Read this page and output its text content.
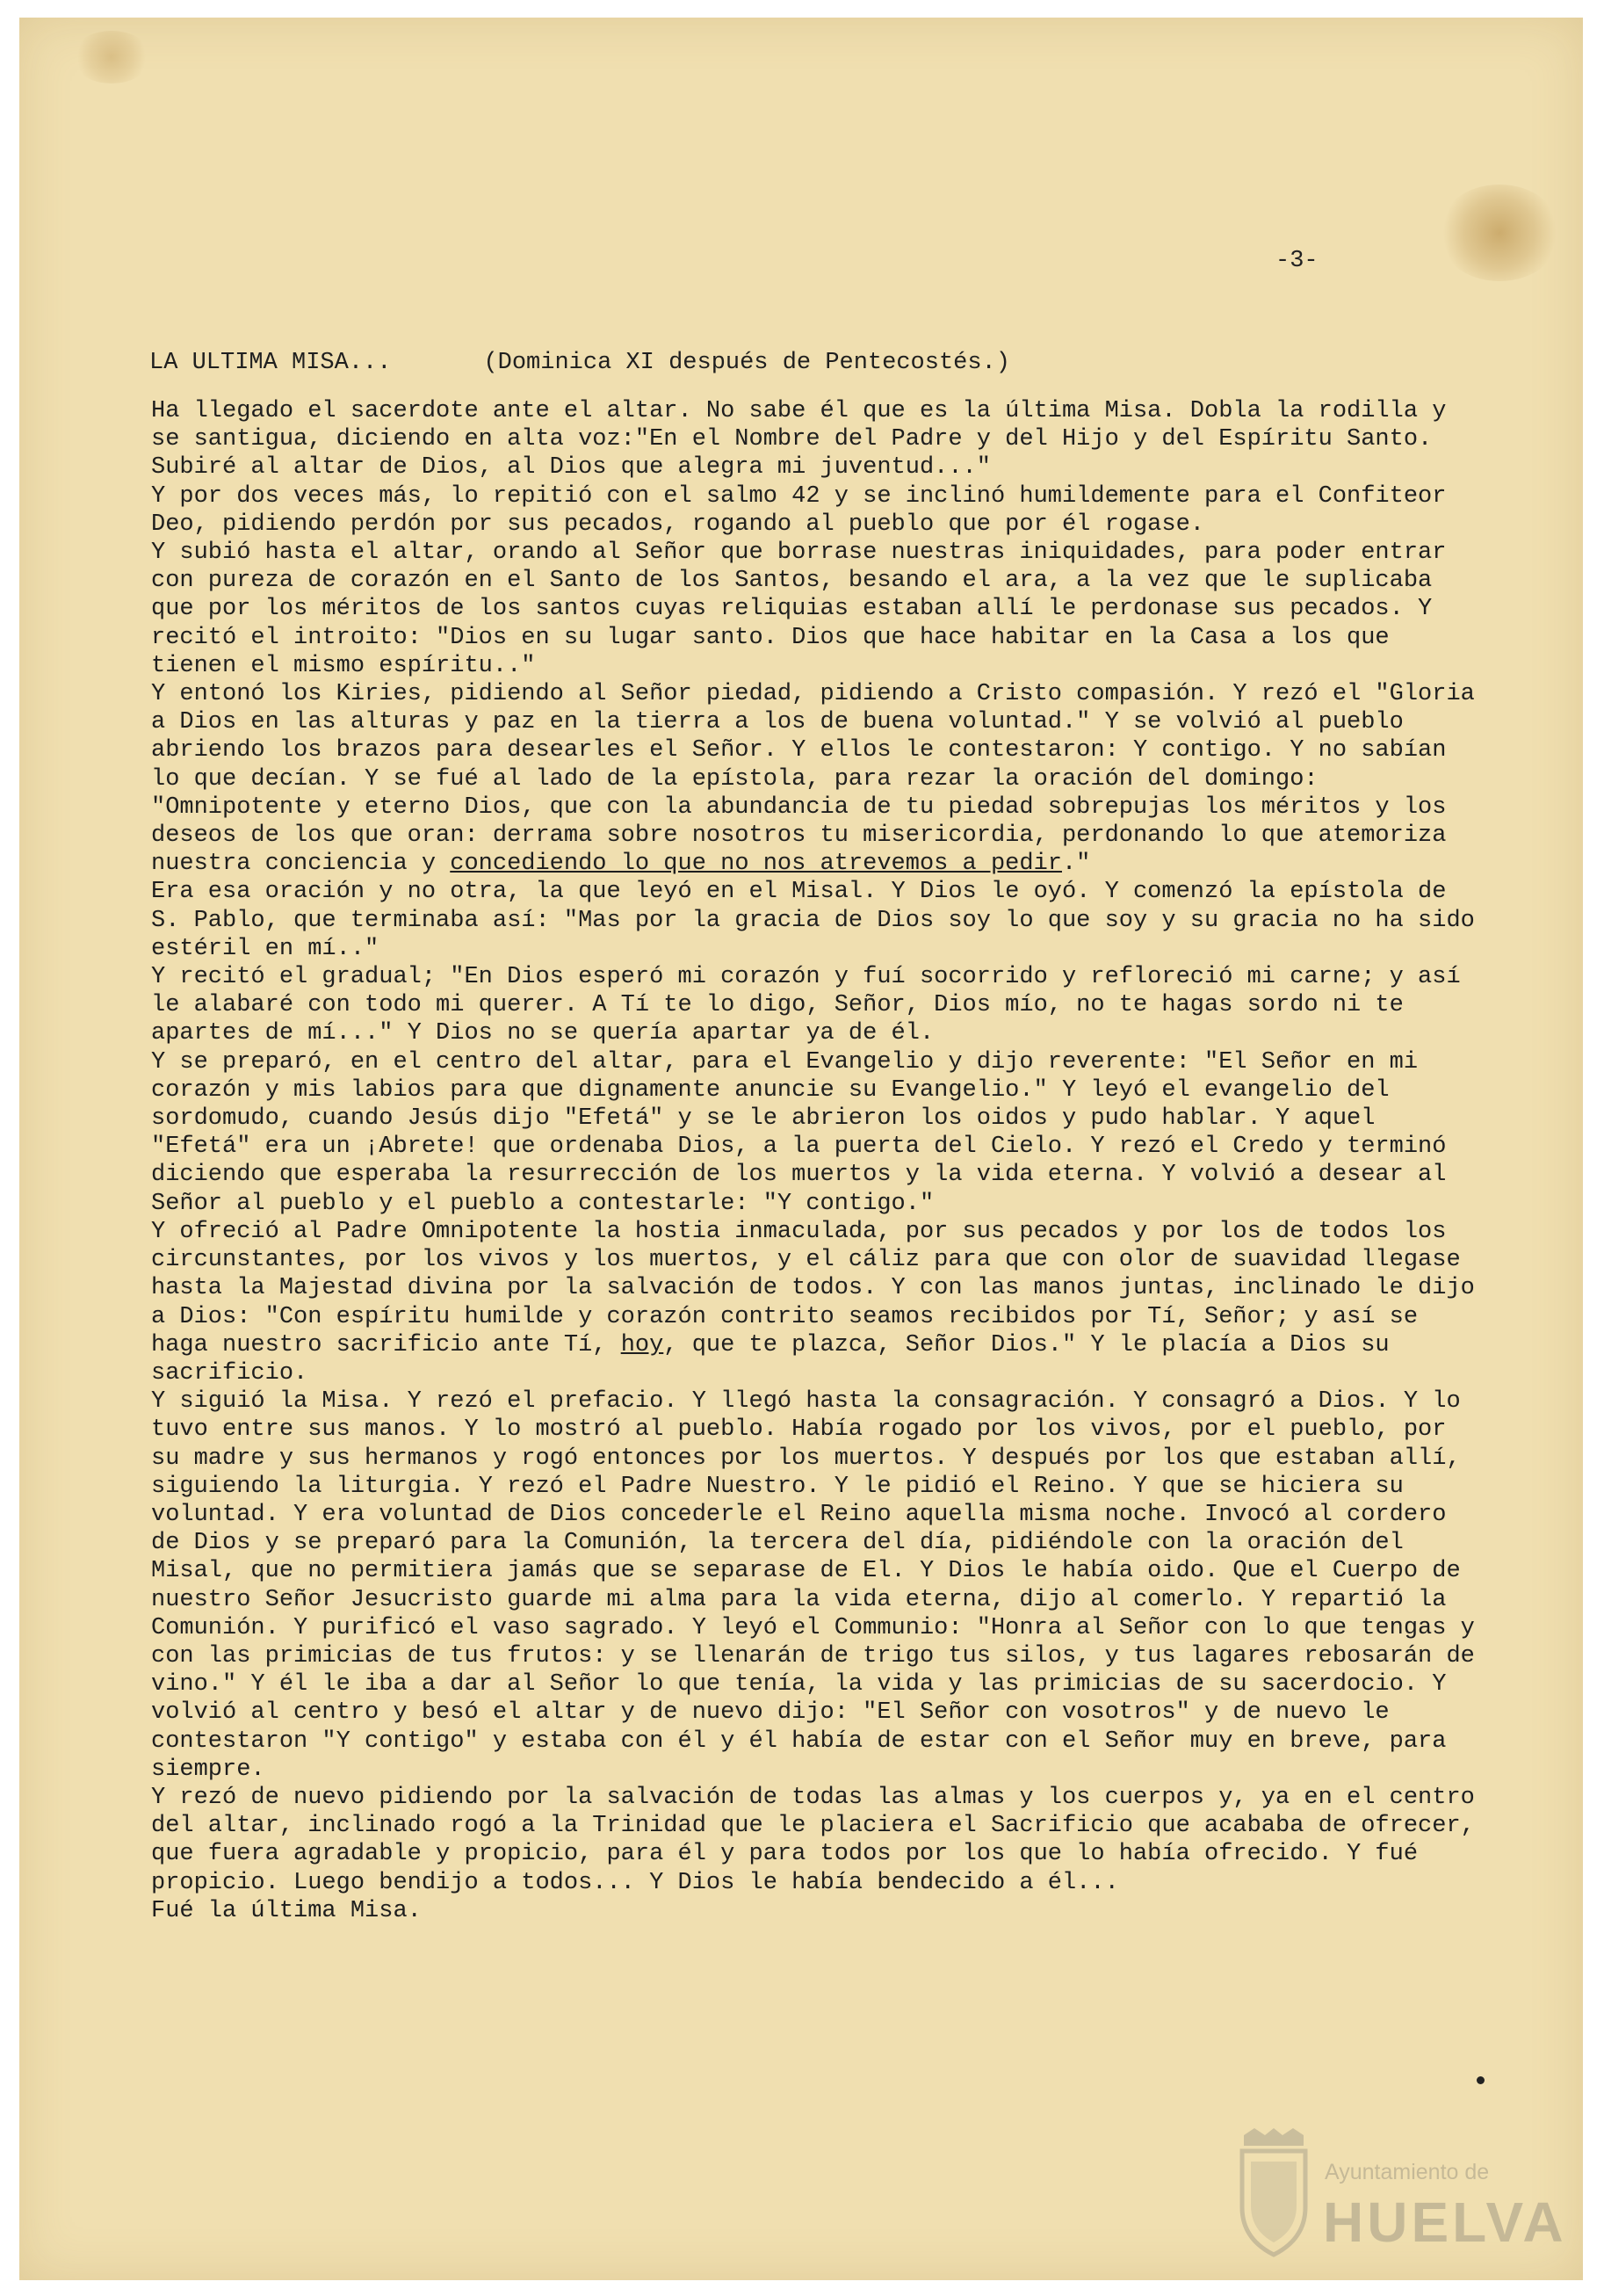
-3-
LA ULTIMA MISA...	(Dominica XI después de Pentecostés.)

Ha llegado el sacerdote ante el altar. No sabe él que es la última Misa. Dobla la rodilla y se santigua, diciendo en alta voz:"En el Nombre del Padre y del Hijo y del Espíritu Santo. Subiré al altar de Dios, al Dios que alegra mi juventud..."

Y por dos veces más, lo repitió con el salmo 42 y se inclinó humildemente para el Confiteor Deo, pidiendo perdón por sus pecados, rogando al pueblo que por él rogase.

Y subió hasta el altar, orando al Señor que borrase nuestras iniquidades, para poder entrar con pureza de corazón en el Santo de los Santos, besando el ara, a la vez que le suplicaba que por los méritos de los santos cuyas reliquias estaban allí le perdonase sus pecados. Y recitó el introito: "Dios en su lugar santo. Dios que hace habitar en la Casa a los que tienen el mismo espíritu.."

Y entonó los Kiries, pidiendo al Señor piedad, pidiendo a Cristo compasión. Y rezó el "Gloria a Dios en las alturas y paz en la tierra a los de buena voluntad." Y se volvió al pueblo abriendo los brazos para desearles el Señor. Y ellos le contestaron: Y contigo. Y no sabían lo que decían. Y se fué al lado de la epístola, para rezar la oración del domingo: "Omnipotente y eterno Dios, que con la abundancia de tu piedad sobrepujas los méritos y los deseos de los que oran: derrama sobre nosotros tu misericordia, perdonando lo que atemoriza nuestra conciencia y concediendo lo que no nos atrevemos a pedir."

Era esa oración y no otra, la que leyó en el Misal. Y Dios le oyó. Y comenzó la epístola de S. Pablo, que terminaba así: "Mas por la gracia de Dios soy lo que soy y su gracia no ha sido estéril en mí.."

Y recitó el gradual; "En Dios esperó mi corazón y fuí socorrido y refloreció mi carne; y así le alabaré con todo mi querer. A Tí te lo digo, Señor, Dios mío, no te hagas sordo ni te apartes de mí..." Y Dios no se quería apartar ya de él.

Y se preparó, en el centro del altar, para el Evangelio y dijo reverente: "El Señor en mi corazón y mis labios para que dignamente anuncie su Evangelio." Y leyó el evangelio del sordomudo, cuando Jesús dijo "Efetá" y se le abrieron los oidos y pudo hablar. Y aquel "Efetá" era un ¡Abrete! que ordenaba Dios, a la puerta del Cielo. Y rezó el Credo y terminó diciendo que esperaba la resurrección de los muertos y la vida eterna. Y volvió a desear al Señor al pueblo y el pueblo a contestarle: "Y contigo."

Y ofreció al Padre Omnipotente la hostia inmaculada, por sus pecados y por los de todos los circunstantes, por los vivos y los muertos, y el cáliz para que con olor de suavidad llegase hasta la Majestad divina por la salvación de todos. Y con las manos juntas, inclinado le dijo a Dios: "Con espíritu humilde y corazón contrito seamos recibidos por Tí, Señor; y así se haga nuestro sacrificio ante Tí, hoy, que te plazca, Señor Dios." Y le placía a Dios su sacrificio.

Y siguió la Misa. Y rezó el prefacio. Y llegó hasta la consagración. Y consagró a Dios. Y lo tuvo entre sus manos. Y lo mostró al pueblo. Había rogado por los vivos, por el pueblo, por su madre y sus hermanos y rogó entonces por los muertos. Y después por los que estaban allí, siguiendo la liturgia. Y rezó el Padre Nuestro. Y le pidió el Reino. Y que se hiciera su voluntad. Y era voluntad de Dios concederle el Reino aquella misma noche. Invocó al cordero de Dios y se preparó para la Comunión, la tercera del día, pidiéndole con la oración del Misal, que no permitiera jamás que se separase de El. Y Dios le había oido. Que el Cuerpo de nuestro Señor Jesucristo guarde mi alma para la vida eterna, dijo al comerlo. Y repartió la Comunión. Y purificó el vaso sagrado. Y leyó el Communio: "Honra al Señor con lo que tengas y con las primicias de tus frutos: y se llenarán de trigo tus silos, y tus lagares rebosarán de vino." Y él le iba a dar al Señor lo que tenía, la vida y las primicias de su sacerdocio. Y volvió al centro y besó el altar y de nuevo dijo: "El Señor con vosotros" y de nuevo le contestaron "Y contigo" y estaba con él y él había de estar con el Señor muy en breve, para siempre.

Y rezó de nuevo pidiendo por la salvación de todas las almas y los cuerpos y, ya en el centro del altar, inclinado rogó a la Trinidad que le placiera el Sacrificio que acababa de ofrecer, que fuera agradable y propicio, para él y para todos por los que lo había ofrecido. Y fué propicio. Luego bendijo a todos... Y Dios le había bendecido a él...

Fué la última Misa.

Ayuntamiento de
HUELVA
